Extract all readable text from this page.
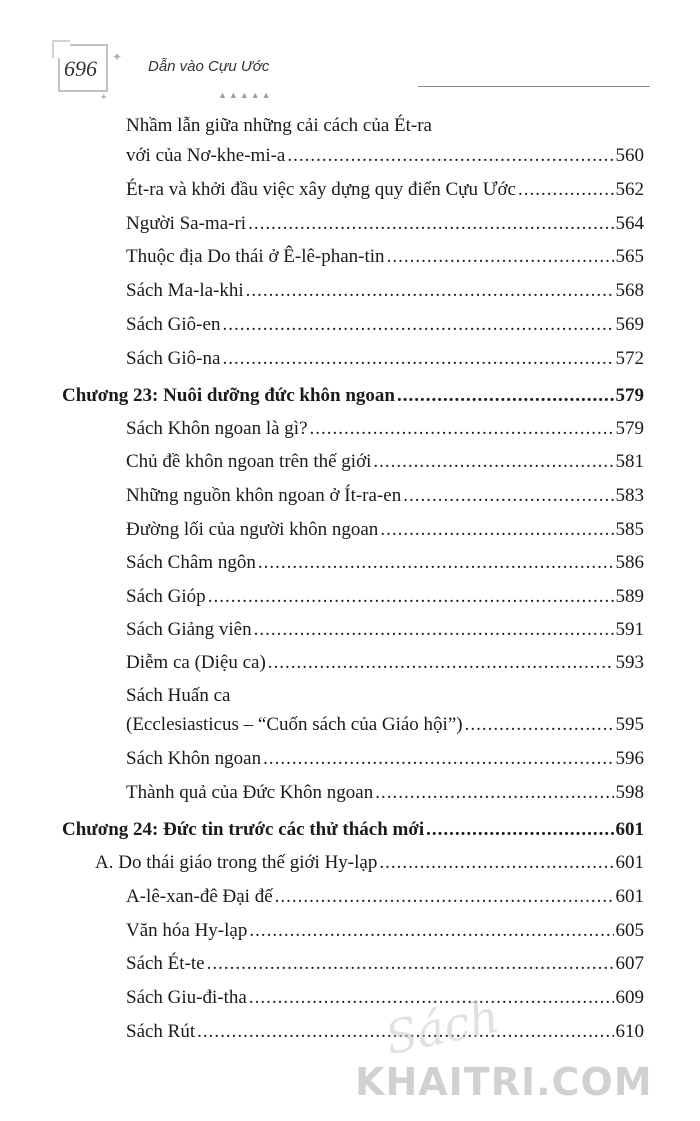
✦
✦
696	Dẫn vào Cựu Ước
▲▲▲▲▲
Nhầm lẫn giữa những cải cách của Ét-ra
với của Nơ-khe-mi-a .....	560
Ét-ra và khởi đầu việc xây dựng quy điển Cựu Ước .....	562
Người Sa-ma-ri .....	564
Thuộc địa Do thái ở Ê-lê-phan-tin .....	565
Sách Ma-la-khi .....	568
Sách Giô-en .....	569
Sách Giô-na .....	572
Chương 23: Nuôi dưỡng đức khôn ngoan .....	579
Sách Khôn ngoan là gì? .....	579
Chủ đề khôn ngoan trên thế giới .....	581
Những nguồn khôn ngoan ở Ít-ra-en .....	583
Đường lối của người khôn ngoan .....	585
Sách Châm ngôn .....	586
Sách Gióp .....	589
Sách Giảng viên .....	591
Diễm ca (Diệu ca) .....	593
Sách Huấn ca
(Ecclesiasticus – “Cuốn sách của Giáo hội”) .....	595
Sách Khôn ngoan .....	596
Thành quả của Đức Khôn ngoan .....	598
Chương 24: Đức tin trước các thử thách mới .....	601
A. Do thái giáo trong thế giới Hy-lạp .....	601
A-lê-xan-đê Đại đế .....	601
Văn hóa Hy-lạp .....	605
Sách Ét-te .....	607
Sách Giu-đi-tha .....	609
Sách Rút .....	610
Sách
KHAITRI.COM
